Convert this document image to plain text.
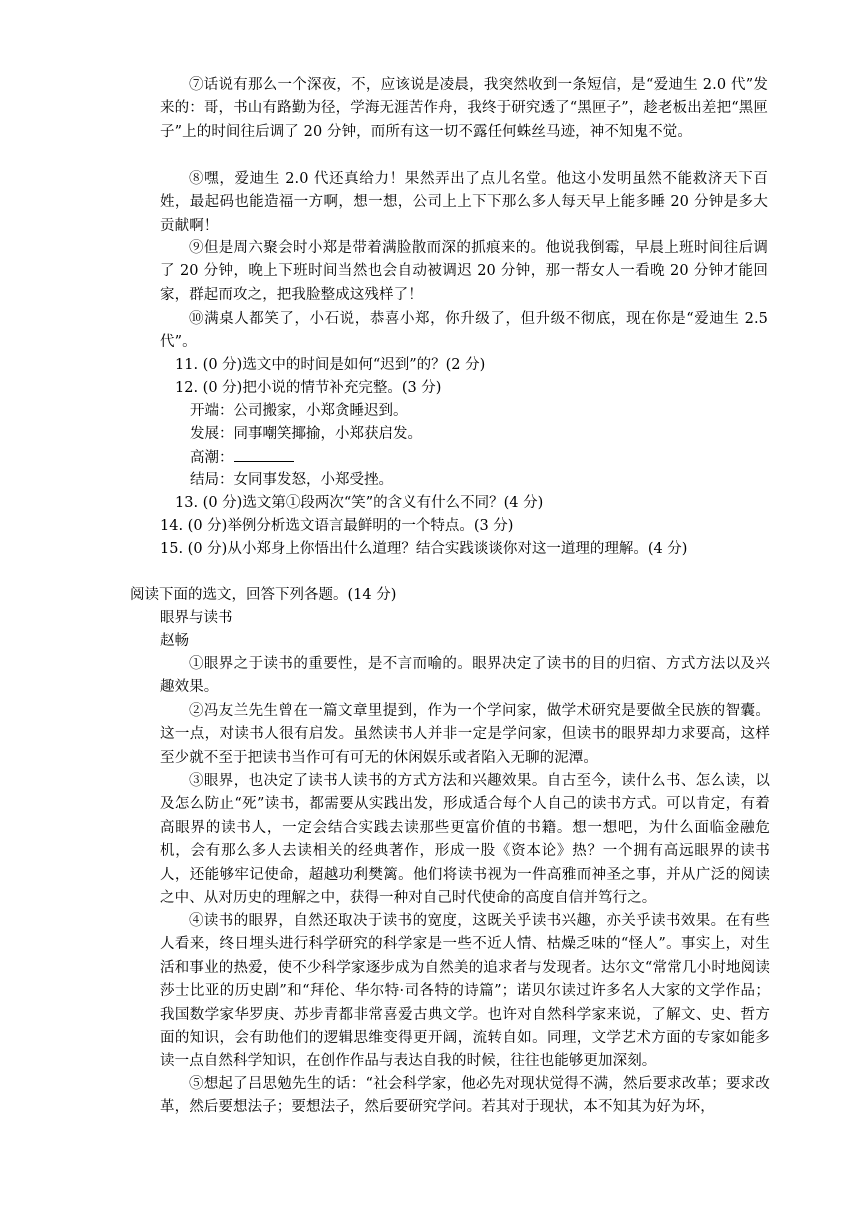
⑦话说有那么一个深夜，不，应该说是凌晨，我突然收到一条短信，是“爱迪生 2.0 代”发来的：哥，书山有路勤为径，学海无涯苦作舟，我终于研究透了“黑匣子”，趁老板出差把“黑匣子”上的时间往后调了 20 分钟，而所有这一切不露任何蛛丝马迹，神不知鬼不觉。

⑧嘿，爱迪生 2.0 代还真给力！果然弄出了点儿名堂。他这小发明虽然不能救济天下百姓，最起码也能造福一方啊，想一想，公司上上下下那么多人每天早上能多睡 20 分钟是多大贡献啊！

⑨但是周六聚会时小郑是带着满脸散而深的抓痕来的。他说我倒霉，早晨上班时间往后调了 20 分钟，晚上下班时间当然也会自动被调迟 20 分钟，那一帮女人一看晚 20 分钟才能回家，群起而攻之，把我脸整成这残样了！

⑩满桌人都笑了，小石说，恭喜小郑，你升级了，但升级不彻底，现在你是“爱迪生 2.5 代”。

11. (0 分)选文中的时间是如何“迟到”的？(2 分)

12. (0 分)把小说的情节补充完整。(3 分)

开端：公司搬家，小郑贪睡迟到。

发展：同事嘲笑揶揄，小郑获启发。

高潮：

结局：女同事发怒，小郑受挫。

13. (0 分)选文第①段两次“笑”的含义有什么不同？(4 分)

14. (0 分)举例分析选文语言最鲜明的一个特点。(3 分)

15. (0 分)从小郑身上你悟出什么道理？结合实践谈谈你对这一道理的理解。(4 分)

阅读下面的选文，回答下列各题。(14 分)

眼界与读书

赵畅

①眼界之于读书的重要性，是不言而喻的。眼界决定了读书的目的归宿、方式方法以及兴趣效果。

②冯友兰先生曾在一篇文章里提到，作为一个学问家，做学术研究是要做全民族的智囊。这一点，对读书人很有启发。虽然读书人并非一定是学问家，但读书的眼界却力求要高，这样至少就不至于把读书当作可有可无的休闲娱乐或者陷入无聊的泥潭。

③眼界，也决定了读书人读书的方式方法和兴趣效果。自古至今，读什么书、怎么读，以及怎么防止“死”读书，都需要从实践出发，形成适合每个人自己的读书方式。可以肯定，有着高眼界的读书人，一定会结合实践去读那些更富价值的书籍。想一想吧，为什么面临金融危机，会有那么多人去读相关的经典著作，形成一股《资本论》热？一个拥有高远眼界的读书人，还能够牢记使命，超越功利樊篱。他们将读书视为一件高雅而神圣之事，并从广泛的阅读之中、从对历史的理解之中，获得一种对自己时代使命的高度自信并笃行之。

④读书的眼界，自然还取决于读书的宽度，这既关乎读书兴趣，亦关乎读书效果。在有些人看来，终日埋头进行科学研究的科学家是一些不近人情、枯燥乏味的“怪人”。事实上，对生活和事业的热爱，使不少科学家逐步成为自然美的追求者与发现者。达尔文“常常几小时地阅读莎士比亚的历史剧”和“拜伦、华尔特·司各特的诗篇”；诺贝尔读过许多名人大家的文学作品；我国数学家华罗庚、苏步青都非常喜爱古典文学。也许对自然科学家来说，了解文、史、哲方面的知识，会有助他们的逻辑思维变得更开阔，流转自如。同理，文学艺术方面的专家如能多读一点自然科学知识，在创作作品与表达自我的时候，往往也能够更加深刻。

⑤想起了吕思勉先生的话：“社会科学家，他必先对现状觉得不满，然后要求改革；要求改革，然后要想法子；要想法子，然后要研究学问。若其对于现状，本不知其为好为坏，
